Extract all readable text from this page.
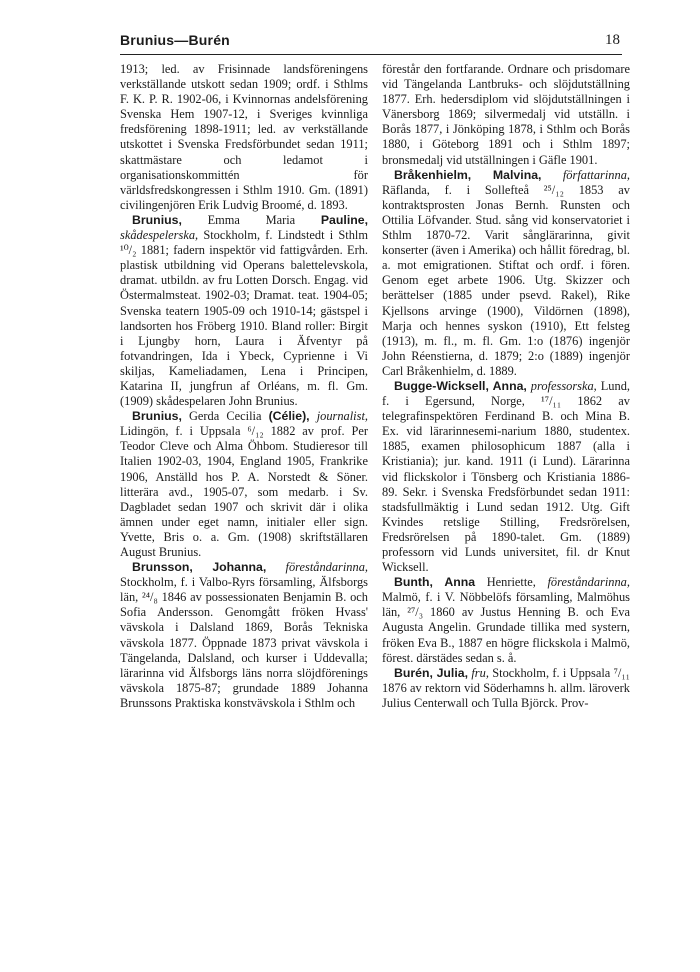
Brunius—Burén	18

1913; led. av Frisinnade landsföreningens verkställande utskott sedan 1909; ordf. i Sthlms F. K. P. R. 1902-06, i Kvinnornas andelsförening Svenska Hem 1907-12, i Sveriges kvinnliga fredsförening 1898-1911; led. av verkställande utskottet i Svenska Fredsförbundet sedan 1911; skattmästare och ledamot i organisationskommittén för världsfredskongressen i Sthlm 1910. Gm. (1891) civilingenjören Erik Ludvig Broomé, d. 1893.

Brunius, Emma Maria Pauline, skådespelerska, Stockholm, f. Lindstedt i Sthlm ¹⁰/₂ 1881; fadern inspektör vid fattigvården. Erh. plastisk utbildning vid Operans balettelevskola, dramat. utbildn. av fru Lotten Dorsch. Engag. vid Östermalmsteat. 1902-03; Dramat. teat. 1904-05; Svenska teatern 1905-09 och 1910-14; gästspel i landsorten hos Fröberg 1910. Bland roller: Birgit i Ljungby horn, Laura i Äfventyr på fotvandringen, Ida i Ybeck, Cyprienne i Vi skiljas, Kameliadamen, Lena i Principen, Katarina II, jungfrun af Orléans, m. fl. Gm. (1909) skådespelaren John Brunius.

Brunius, Gerda Cecilia (Célie), journalist, Lidingön, f. i Uppsala ⁶/₁₂ 1882 av prof. Per Teodor Cleve och Alma Öhbom. Studieresor till Italien 1902-03, 1904, England 1905, Frankrike 1906, Anställd hos P. A. Norstedt & Söner. litterära avd., 1905-07, som medarb. i Sv. Dagbladet sedan 1907 och skrivit där i olika ämnen under eget namn, initialer eller sign. Yvette, Bris o. a. Gm. (1908) skriftställaren August Brunius.

Brunsson, Johanna, föreståndarinna, Stockholm, f. i Valbo-Ryrs församling, Älfsborgs län, ²⁴/₈ 1846 av possessionaten Benjamin B. och Sofia Andersson. Genomgått fröken Hvass' vävskola i Dalsland 1869, Borås Tekniska vävskola 1877. Öppnade 1873 privat vävskola i Tängelanda, Dalsland, och kurser i Uddevalla; lärarinna vid Älfsborgs läns norra slöjdförenings vävskola 1875-87; grundade 1889 Johanna Brunssons Praktiska konstvävskola i Sthlm och

förestår den fortfarande. Ordnare och prisdomare vid Tängelanda Lantbruks- och slöjdutställning 1877. Erh. hedersdiplom vid slöjdutställningen i Vänersborg 1869; silvermedalj vid utställn. i Borås 1877, i Jönköping 1878, i Sthlm och Borås 1880, i Göteborg 1891 och i Sthlm 1897; bronsmedalj vid utställningen i Gäfle 1901.

Bråkenhielm, Malvina, författarinna, Räflanda, f. i Sollefteå ²⁵/₁₂ 1853 av kontraktsprosten Jonas Bernh. Runsten och Ottilia Löfvander. Stud. sång vid konservatoriet i Sthlm 1870-72. Varit sånglärarinna, givit konserter (även i Amerika) och hållit föredrag, bl. a. mot emigrationen. Stiftat och ordf. i fören. Genom eget arbete 1906. Utg. Skizzer och berättelser (1885 under psevd. Rakel), Rike Kjellsons arvinge (1900), Vildörnen (1898), Marja och hennes syskon (1910), Ett felsteg (1913), m. fl., m. fl. Gm. 1:o (1876) ingenjör John Réenstierna, d. 1879; 2:o (1889) ingenjör Carl Bråkenhielm, d. 1889.

Bugge-Wicksell, Anna, professorska, Lund, f. i Egersund, Norge, ¹⁷/₁₁ 1862 av telegrafinspektören Ferdinand B. och Mina B. Ex. vid lärarinnesemi-narium 1880, studentex. 1885, examen philosophicum 1887 (alla i Kristiania); jur. kand. 1911 (i Lund). Lärarinna vid flickskolor i Tönsberg och Kristiania 1886-89. Sekr. i Svenska Fredsförbundet sedan 1911: stadsfullmäktig i Lund sedan 1912. Utg. Gift Kvindes retslige Stilling, Fredsrörelsen, Fredsrörelsen på 1890-talet. Gm. (1889) professorn vid Lunds universitet, fil. dr Knut Wicksell.

Bunth, Anna Henriette, föreståndarinna, Malmö, f. i V. Nöbbelöfs församling, Malmöhus län, ²⁷/₃ 1860 av Justus Henning B. och Eva Augusta Angelin. Grundade tillika med systern, fröken Eva B., 1887 en högre flickskola i Malmö, förest. därstädes sedan s. å.

Burén, Julia, fru, Stockholm, f. i Uppsala ⁷/₁₁ 1876 av rektorn vid Söderhamns h. allm. läroverk Julius Centerwall och Tulla Björck. Prov-
